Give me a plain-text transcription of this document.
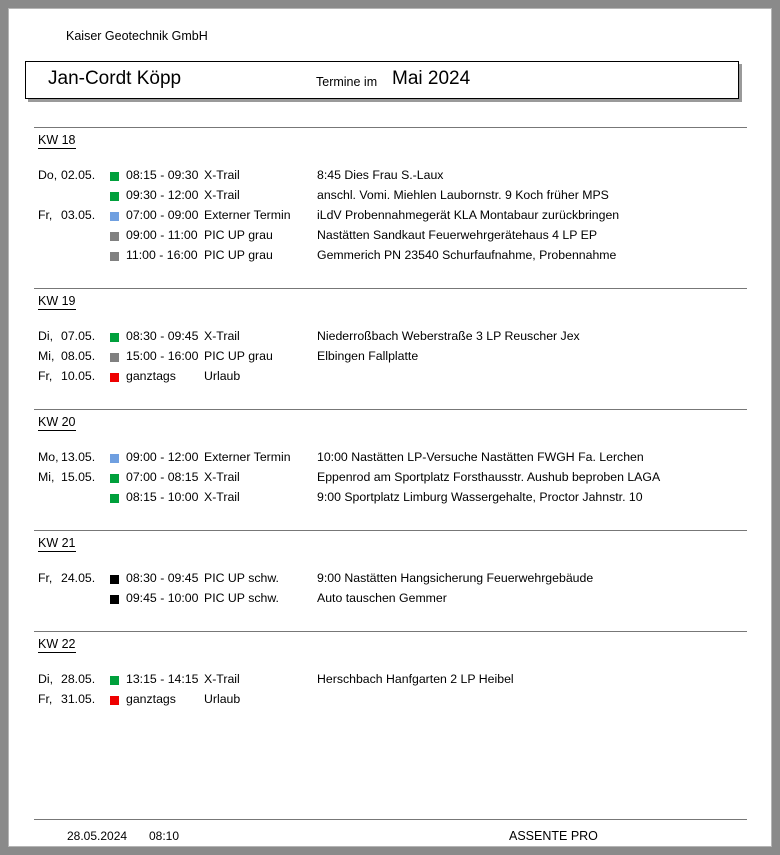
Kaiser Geotechnik GmbH
Jan-Cordt Köpp	Termine im Mai 2024
KW 18
Do, 02.05.	08:15 - 09:30 X-Trail	8:45 Dies Frau S.-Laux
09:30 - 12:00 X-Trail	anschl. Vomi. Miehlen Laubornstr. 9 Koch früher MPS
Fr, 03.05.	07:00 - 09:00 Externer Termin	iLdV Probennahmegerät KLA Montabaur zurückbringen
09:00 - 11:00 PIC UP grau	Nastätten Sandkaut Feuerwehrgerätehaus 4 LP EP
11:00 - 16:00 PIC UP grau	Gemmerich PN 23540 Schurfaufnahme, Probennahme
KW 19
Di, 07.05.	08:30 - 09:45 X-Trail	Niederroßbach Weberstraße 3 LP Reuscher Jex
Mi, 08.05.	15:00 - 16:00 PIC UP grau	Elbingen Fallplatte
Fr, 10.05.	ganztags	Urlaub
KW 20
Mo, 13.05.	09:00 - 12:00 Externer Termin	10:00 Nastätten LP-Versuche Nastätten FWGH Fa. Lerchen
Mi, 15.05.	07:00 - 08:15 X-Trail	Eppenrod am Sportplatz Forsthausstr. Aushub beproben LAGA
08:15 - 10:00 X-Trail	9:00 Sportplatz Limburg Wassergehalte, Proctor Jahnstr. 10
KW 21
Fr, 24.05.	08:30 - 09:45 PIC UP schw.	9:00 Nastätten Hangsicherung Feuerwehrgebäude
09:45 - 10:00 PIC UP schw.	Auto tauschen Gemmer
KW 22
Di, 28.05.	13:15 - 14:15 X-Trail	Herschbach Hanfgarten 2 LP Heibel
Fr, 31.05.	ganztags	Urlaub
28.05.2024 08:10	ASSENTE PRO
